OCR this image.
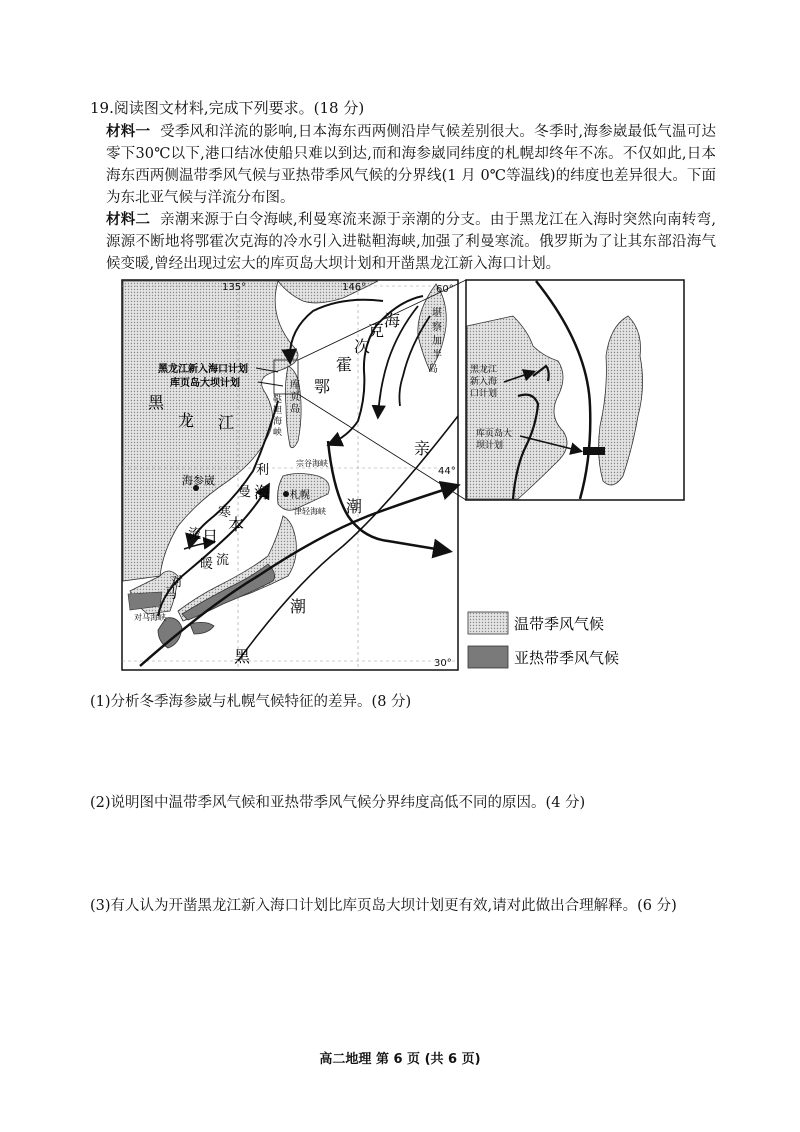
19.阅读图文材料,完成下列要求。(18 分)
材料一 受季风和洋流的影响,日本海东西两侧沿岸气候差别很大。冬季时,海参崴最低气温可达零下30℃以下,港口结冰使船只难以到达,而和海参崴同纬度的札幌却终年不冻。不仅如此,日本海东西两侧温带季风气候与亚热带季风气候的分界线(1 月 0℃等温线)的纬度也差异很大。下面为东北亚气候与洋流分布图。
材料二 亲潮来源于白令海峡,利曼寒流来源于亲潮的分支。由于黑龙江在入海时突然向南转弯,源源不断地将鄂霍次克海的冷水引入进鞑靼海峡,加强了利曼寒流。俄罗斯为了让其东部沿海气候变暖,曾经出现过宏大的库页岛大坝计划和开凿黑龙江新入海口计划。
135°	146°	60°
44°
30°
黑
龙 江
鄂
霍
次
克
海	堪
察
加
半
岛
库
页
岛
鞑
靼
海
峡
宗谷海峡
津轻海峡
海参崴
札幌
利
曼
寒
流
海
本
日
对
马
暖 流
对马海峡
亲
潮
潮
黑
黑龙江新入海口计划
库页岛大坝计划
黑龙江
新入海
口计划
库页岛大
坝计划
温带季风气候
亚热带季风气候
(1)分析冬季海参崴与札幌气候特征的差异。(8 分)
(2)说明图中温带季风气候和亚热带季风气候分界纬度高低不同的原因。(4 分)
(3)有人认为开凿黑龙江新入海口计划比库页岛大坝计划更有效,请对此做出合理解释。(6 分)
高二地理 第 6 页 (共 6 页)
